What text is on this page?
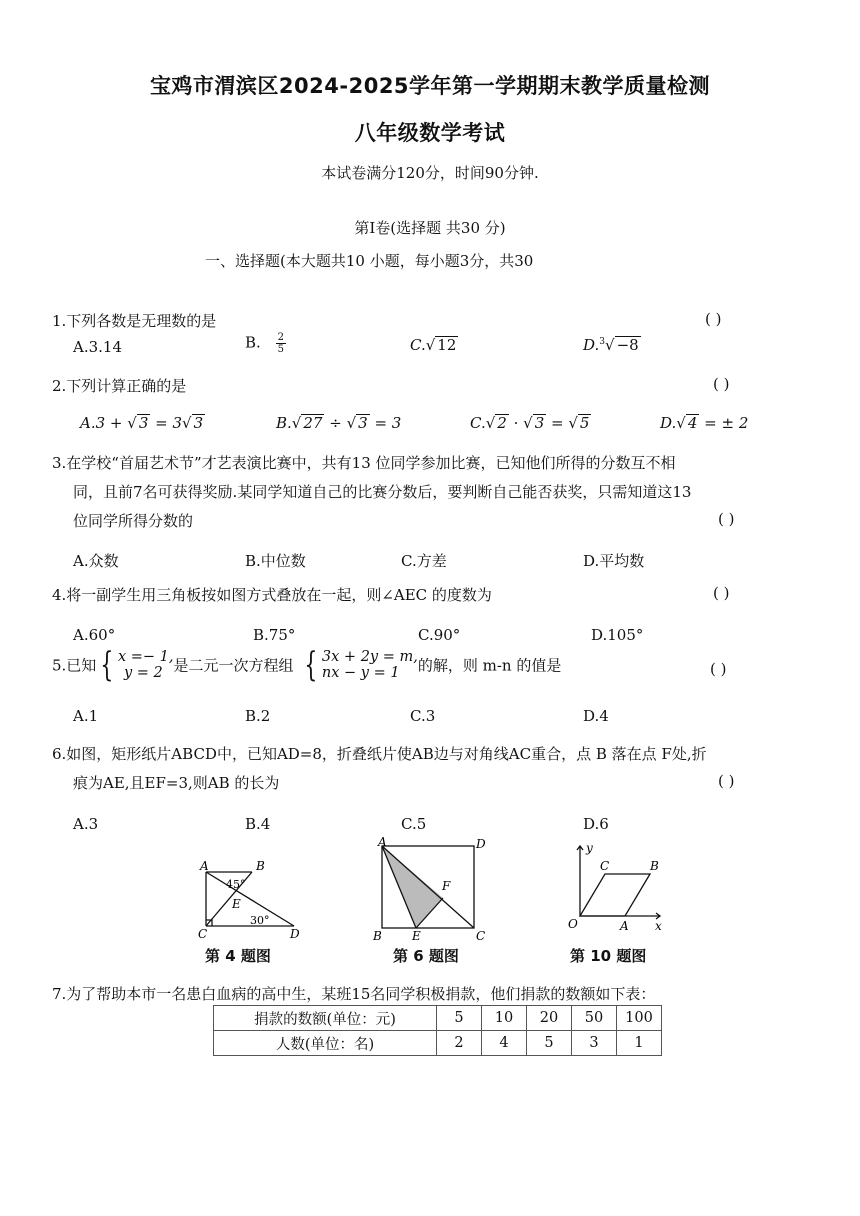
宝鸡市渭滨区2024-2025学年第一学期期末教学质量检测
八年级数学考试
本试卷满分120分，时间90分钟.
第Ⅰ卷(选择题 共30 分)
一、选择题(本大题共10 小题，每小题3分，共30
1.下列各数是无理数的是	( )
A.3.14	B. $\frac{2}{5}$	C.√ 12	D.$^3$√ −8
2.下列计算正确的是	( )
A.3 + √ 3 = 3√ 3	B.√ 27 ÷ √ 3 = 3	C.√ 2 · √ 3 = √ 5	D.√ 4 = ± 2
3.在学校“首届艺术节”才艺表演比赛中，共有13 位同学参加比赛，已知他们所得的分数互不相
同，且前7名可获得奖励.某同学知道自己的比赛分数后，要判断自己能否获奖，只需知道这13
位同学所得分数的	( )
A.众数	B.中位数	C.方差	D.平均数
4.将一副学生用三角板按如图方式叠放在一起，则∠AEC 的度数为	( )
A.60°	B.75°	C.90°	D.105°
5.已知 { x =− 1,
y = 2 是二元一次方程组 { 3x + 2y = m,
nx − y = 1 的解，则 m-n 的值是	( )
A.1	B.2	C.3	D.4
6.如图，矩形纸片ABCD中，已知AD=8，折叠纸片使AB边与对角线AC重合，点 B 落在点 F处,折
痕为AE,且EF=3,则AB 的长为	( )
A.3	B.4	C.5	D.6
A	B
C	D
E
45°
30°
第 4 题图
A
B	C
D
E
F
第 6 题图
O	A
B
C
x
y
第 10 题图
7.为了帮助本市一名患白血病的高中生，某班15名同学积极捐款，他们捐款的数额如下表：
捐款的数额(单位：元)	5	10	20	50	100
人数(单位：名)	2	4	5	3	1
